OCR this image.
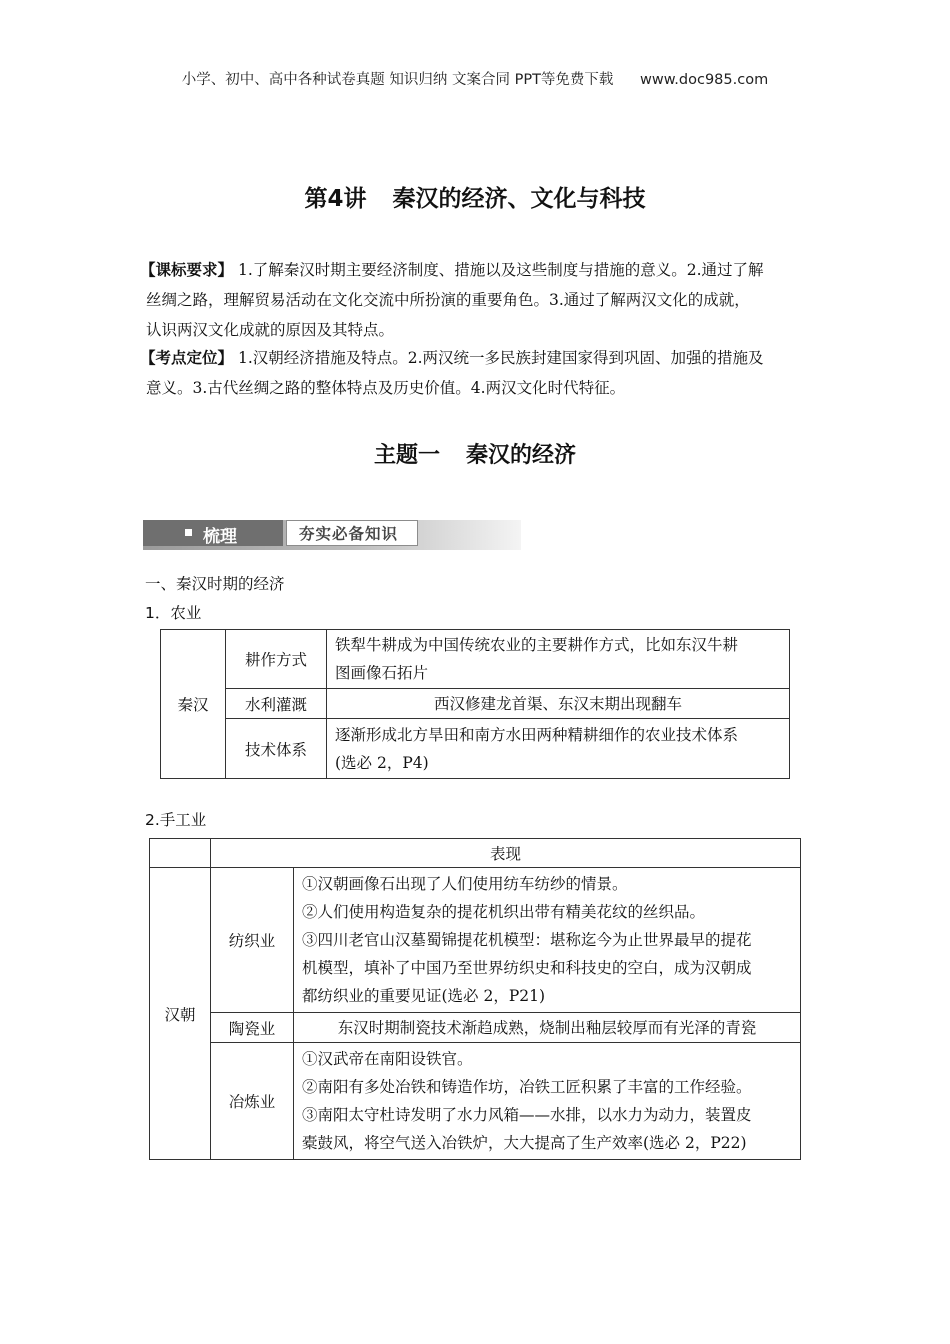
小学、初中、高中各种试卷真题 知识归纳 文案合同 PPT等免费下载 www.doc985.com
第4讲 秦汉的经济、文化与科技
【课标要求】 1.了解秦汉时期主要经济制度、措施以及这些制度与措施的意义。2.通过了解
丝绸之路，理解贸易活动在文化交流中所扮演的重要角色。3.通过了解两汉文化的成就，
认识两汉文化成就的原因及其特点。
【考点定位】 1.汉朝经济措施及特点。2.两汉统一多民族封建国家得到巩固、加强的措施及
意义。3.古代丝绸之路的整体特点及历史价值。4.两汉文化时代特征。
主题一 秦汉的经济
梳理	夯实必备知识
一、秦汉时期的经济
1．农业
秦汉	耕作方式	铁犁牛耕成为中国传统农业的主要耕作方式，比如东汉牛耕
图画像石拓片

	水利灌溉	西汉修建龙首渠、东汉末期出现翻车
	技术体系	逐渐形成北方旱田和南方水田两种精耕细作的农业技术体系
(选必 2，P4)
2.手工业
	表现	
汉朝	纺织业	①汉朝画像石出现了人们使用纺车纺纱的情景。
②人们使用构造复杂的提花机织出带有精美花纹的丝织品。
③四川老官山汉墓蜀锦提花机模型：堪称迄今为止世界最早的提花
机模型，填补了中国乃至世界纺织史和科技史的空白，成为汉朝成
都纺织业的重要见证(选必 2，P21)

	陶瓷业	东汉时期制瓷技术渐趋成熟，烧制出釉层较厚而有光泽的青瓷
	冶炼业	①汉武帝在南阳设铁官。
②南阳有多处冶铁和铸造作坊，冶铁工匠积累了丰富的工作经验。
③南阳太守杜诗发明了水力风箱——水排，以水力为动力，装置皮
橐鼓风，将空气送入冶铁炉，大大提高了生产效率(选必 2，P22)
